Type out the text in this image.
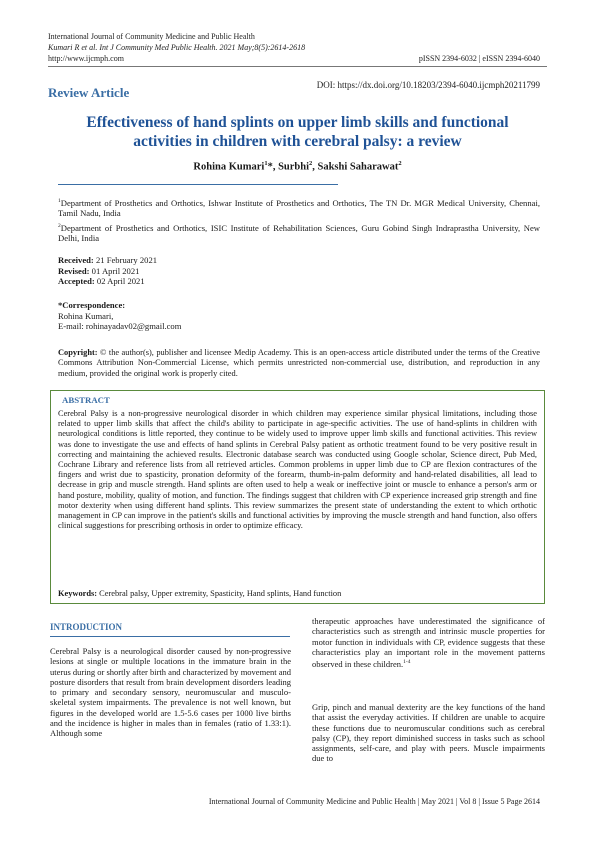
International Journal of Community Medicine and Public Health
Kumari R et al. Int J Community Med Public Health. 2021 May;8(5):2614-2618
http://www.ijcmph.com	pISSN 2394-6032 | eISSN 2394-6040
Review Article	DOI: https://dx.doi.org/10.18203/2394-6040.ijcmph20211799
Effectiveness of hand splints on upper limb skills and functional activities in children with cerebral palsy: a review
Rohina Kumari$^1$*, Surbhi$^2$, Sakshi Saharawat$^2$
$^1$Department of Prosthetics and Orthotics, Ishwar Institute of Prosthetics and Orthotics, The TN Dr. MGR Medical University, Chennai, Tamil Nadu, India
$^2$Department of Prosthetics and Orthotics, ISIC Institute of Rehabilitation Sciences, Guru Gobind Singh Indraprastha University, New Delhi, India
Received: 21 February 2021
Revised: 01 April 2021
Accepted: 02 April 2021
*Correspondence:
Rohina Kumari,
E-mail: rohinayadav02@gmail.com
Copyright: © the author(s), publisher and licensee Medip Academy. This is an open-access article distributed under the terms of the Creative Commons Attribution Non-Commercial License, which permits unrestricted non-commercial use, distribution, and reproduction in any medium, provided the original work is properly cited.
ABSTRACT
Cerebral Palsy is a non-progressive neurological disorder in which children may experience similar physical limitations, including those related to upper limb skills that affect the child's ability to participate in age-specific activities. The use of hand-splints in children with neurological conditions is little reported, they continue to be widely used to improve upper limb skills and functional activities. This review was done to investigate the use and effects of hand splints in Cerebral Palsy patient as orthotic treatment found to be very positive result in correcting and maintaining the achieved results. Electronic database search was conducted using Google scholar, Science direct, Pub Med, Cochrane Library and reference lists from all retrieved articles. Common problems in upper limb due to CP are flexion contractures of the fingers and wrist due to spasticity, pronation deformity of the forearm, thumb-in-palm deformity and hand-related disabilities, all lead to decrease in grip and muscle strength. Hand splints are often used to help a weak or ineffective joint or muscle to enhance a person's arm or hand posture, mobility, quality of motion, and function. The findings suggest that children with CP experience increased grip strength and fine motor dexterity when using different hand splints. This review summarizes the present state of understanding the extent to which orthotic management in CP can improve in the patient's skills and functional activities by improving the muscle strength and hand function, also offers clinical suggestions for prescribing orthosis in order to optimize efficacy.
Keywords: Cerebral palsy, Upper extremity, Spasticity, Hand splints, Hand function
INTRODUCTION
Cerebral Palsy is a neurological disorder caused by non-progressive lesions at single or multiple locations in the immature brain in the uterus during or shortly after birth and characterized by movement and posture disorders that result from brain development disorders leading to primary and secondary sensory, neuromuscular and musculo-skeletal system impairments. The prevalence is not well known, but figures in the developed world are 1.5-5.6 cases per 1000 live births and the incidence is higher in males than in females (ratio of 1.33:1). Although some
therapeutic approaches have underestimated the significance of characteristics such as strength and intrinsic muscle properties for motor function in individuals with CP, evidence suggests that these characteristics play an important role in the movement patterns observed in these children.$^{1-4}$
Grip, pinch and manual dexterity are the key functions of the hand that assist the everyday activities. If children are unable to acquire these functions due to neuromuscular conditions such as cerebral palsy (CP), they report diminished success in tasks such as school assignments, self-care, and play with peers. Muscle impairments due to
International Journal of Community Medicine and Public Health | May 2021 | Vol 8 | Issue 5 Page 2614
